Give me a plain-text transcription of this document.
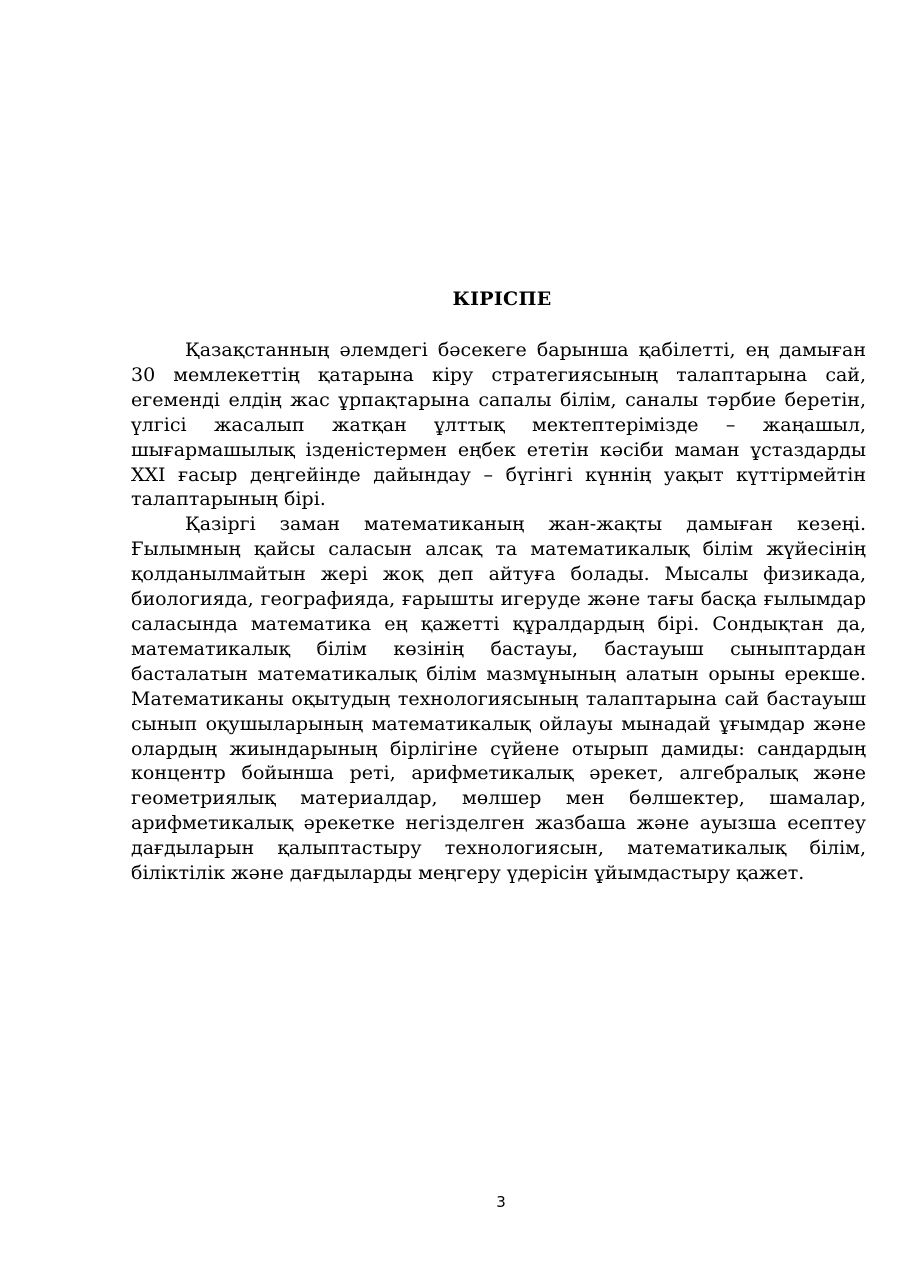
КІРІСПЕ

Қазақстанның әлемдегі бәсекеге барынша қабілетті, ең дамыған 30 мемлекеттің қатарына кіру стратегиясының талаптарына сай, егеменді елдің жас ұрпақтарына сапалы білім, саналы тәрбие беретін, үлгісі жасалып жатқан ұлттық мектептерімізде – жаңашыл, шығармашылық ізденістермен еңбек ететін кәсіби маман ұстаздарды ХХІ ғасыр деңгейінде дайындау – бүгінгі күннің уақыт күттірмейтін талаптарының бірі.

Қазіргі заман математиканың жан-жақты дамыған кезеңі. Ғылымның қайсы саласын алсақ та математикалық білім жүйесінің қолданылмайтын жері жоқ деп айтуға болады. Мысалы физикада, биологияда, географияда, ғарышты игеруде және тағы басқа ғылымдар саласында математика ең қажетті құралдардың бірі. Сондықтан да, математикалық білім көзінің бастауы, бастауыш сыныптардан басталатын математикалық білім мазмұнының алатын орыны ерекше. Математиканы оқытудың технологиясының талаптарына сай бастауыш сынып оқушыларының математикалық ойлауы мынадай ұғымдар және олардың жиындарының бірлігіне сүйене отырып дамиды: сандардың концентр бойынша реті, арифметикалық әрекет, алгебралық және геометриялық материалдар, мөлшер мен бөлшектер, шамалар, арифметикалық әрекетке негізделген жазбаша және ауызша есептеу дағдыларын қалыптастыру технологиясын, математикалық білім, біліктілік және дағдыларды меңгеру үдерісін ұйымдастыру қажет.

3
